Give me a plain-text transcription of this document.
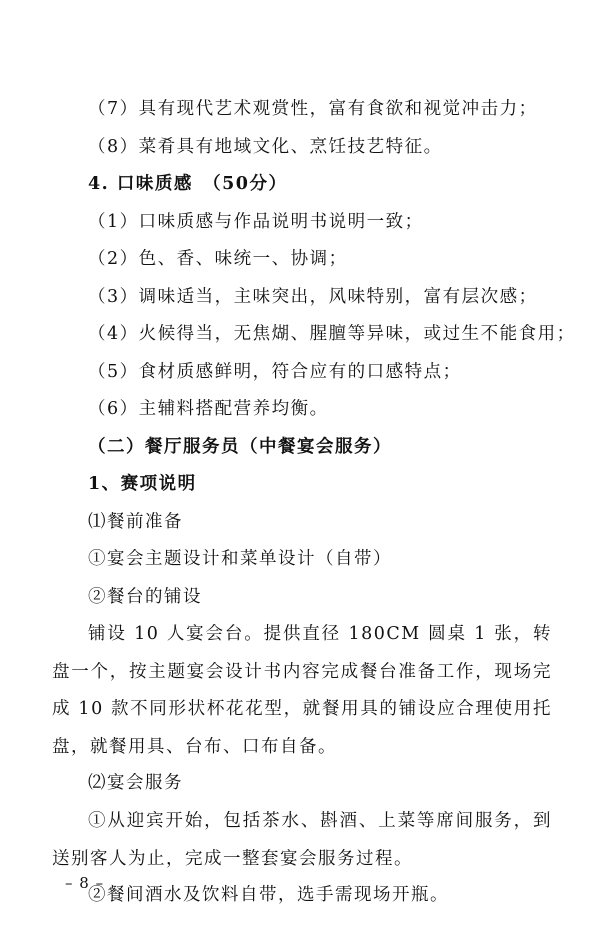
（7）具有现代艺术观赏性，富有食欲和视觉冲击力；
（8）菜肴具有地域文化、烹饪技艺特征。
4. 口味质感　（50分）
（1）口味质感与作品说明书说明一致；
（2）色、香、味统一、协调；
（3）调味适当，主味突出，风味特别，富有层次感；
（4）火候得当，无焦煳、腥膻等异味，或过生不能食用；
（5）食材质感鲜明，符合应有的口感特点；
（6）主辅料搭配营养均衡。
（二）餐厅服务员（中餐宴会服务）
1、赛项说明
⑴餐前准备
①宴会主题设计和菜单设计（自带）
②餐台的铺设
铺设 10 人宴会台。提供直径 180CM 圆桌 1 张，转盘一个，按主题宴会设计书内容完成餐台准备工作，现场完成 10 款不同形状杯花花型，就餐用具的铺设应合理使用托盘，就餐用具、台布、口布自备。
⑵宴会服务
①从迎宾开始，包括茶水、斟酒、上菜等席间服务，到送别客人为止，完成一整套宴会服务过程。
②餐间酒水及饮料自带，选手需现场开瓶。
– 8 –
